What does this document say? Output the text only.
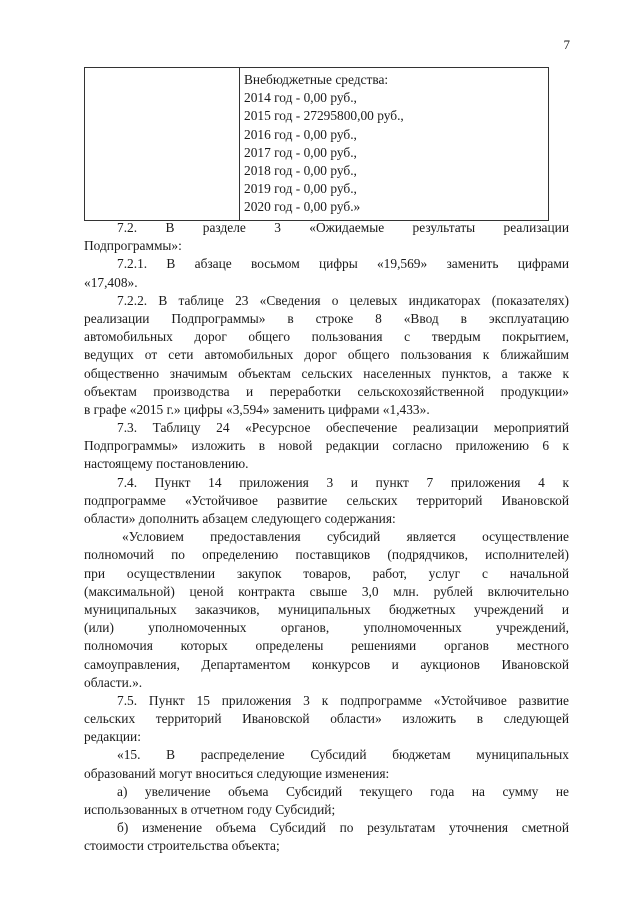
7

Внебюджетные средства:
2014 год - 0,00 руб.,
2015 год - 27295800,00 руб.,
2016 год - 0,00 руб.,
2017 год - 0,00 руб.,
2018 год - 0,00 руб.,
2019 год - 0,00 руб.,
2020 год - 0,00 руб.»
7.2. В разделе 3 «Ожидаемые результаты реализации
Подпрограммы»:
7.2.1. В абзаце восьмом цифры «19,569» заменить цифрами
«17,408».
7.2.2. В таблице 23 «Сведения о целевых индикаторах (показателях)
реализации Подпрограммы» в строке 8 «Ввод в эксплуатацию
автомобильных дорог общего пользования с твердым покрытием,
ведущих от сети автомобильных дорог общего пользования к ближайшим
общественно значимым объектам сельских населенных пунктов, а также к
объектам производства и переработки сельскохозяйственной продукции»
в графе «2015 г.» цифры «3,594» заменить цифрами «1,433».
7.3. Таблицу 24 «Ресурсное обеспечение реализации мероприятий
Подпрограммы» изложить в новой редакции согласно приложению 6 к
настоящему постановлению.
7.4. Пункт 14 приложения 3 и пункт 7 приложения 4 к
подпрограмме «Устойчивое развитие сельских территорий Ивановской
области» дополнить абзацем следующего содержания:
«Условием предоставления субсидий является осуществление
полномочий по определению поставщиков (подрядчиков, исполнителей)
при осуществлении закупок товаров, работ, услуг с начальной
(максимальной) ценой контракта свыше 3,0 млн. рублей включительно
муниципальных заказчиков, муниципальных бюджетных учреждений и
(или) уполномоченных органов, уполномоченных учреждений,
полномочия которых определены решениями органов местного
самоуправления, Департаментом конкурсов и аукционов Ивановской
области.».
7.5. Пункт 15 приложения 3 к подпрограмме «Устойчивое развитие
сельских территорий Ивановской области» изложить в следующей
редакции:
«15. В распределение Субсидий бюджетам муниципальных
образований могут вноситься следующие изменения:
а) увеличение объема Субсидий текущего года на сумму не
использованных в отчетном году Субсидий;
б) изменение объема Субсидий по результатам уточнения сметной
стоимости строительства объекта;
